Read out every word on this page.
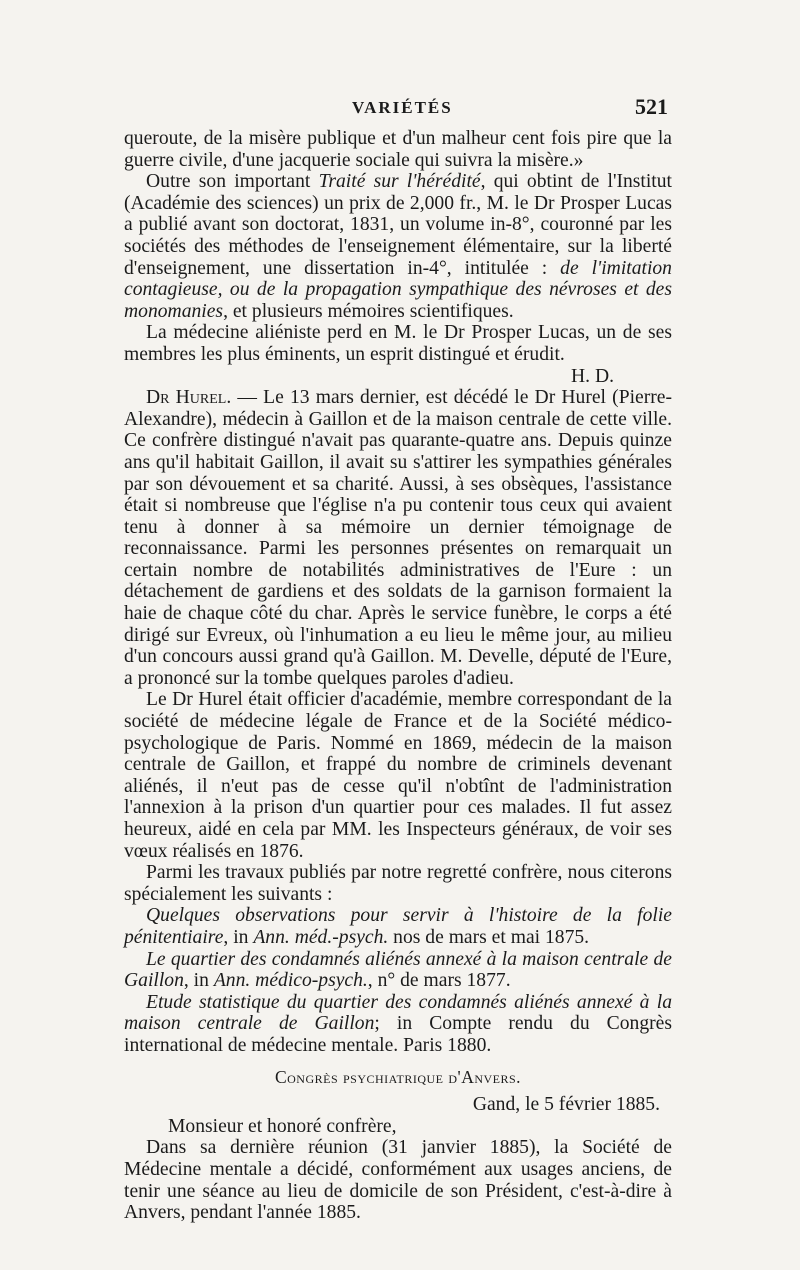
VARIÉTÉS	521

queroute, de la misère publique et d'un malheur cent fois pire que la guerre civile, d'une jacquerie sociale qui suivra la misère.»

Outre son important Traité sur l'hérédité, qui obtint de l'Institut (Académie des sciences) un prix de 2,000 fr., M. le Dr Prosper Lucas a publié avant son doctorat, 1831, un volume in-8°, couronné par les sociétés des méthodes de l'enseignement élémentaire, sur la liberté d'enseignement, une dissertation in-4°, intitulée : de l'imitation contagieuse, ou de la propagation sympathique des névroses et des monomanies, et plusieurs mémoires scientifiques.

La médecine aliéniste perd en M. le Dr Prosper Lucas, un de ses membres les plus éminents, un esprit distingué et érudit.

H. D.

Dr Hurel. — Le 13 mars dernier, est décédé le Dr Hurel (Pierre-Alexandre), médecin à Gaillon et de la maison centrale de cette ville. Ce confrère distingué n'avait pas quarante-quatre ans. Depuis quinze ans qu'il habitait Gaillon, il avait su s'attirer les sympathies générales par son dévouement et sa charité. Aussi, à ses obsèques, l'assistance était si nombreuse que l'église n'a pu contenir tous ceux qui avaient tenu à donner à sa mémoire un dernier témoignage de reconnaissance. Parmi les personnes présentes on remarquait un certain nombre de notabilités administratives de l'Eure : un détachement de gardiens et des soldats de la garnison formaient la haie de chaque côté du char. Après le service funèbre, le corps a été dirigé sur Evreux, où l'inhumation a eu lieu le même jour, au milieu d'un concours aussi grand qu'à Gaillon. M. Develle, député de l'Eure, a prononcé sur la tombe quelques paroles d'adieu.

Le Dr Hurel était officier d'académie, membre correspondant de la société de médecine légale de France et de la Société médico-psychologique de Paris. Nommé en 1869, médecin de la maison centrale de Gaillon, et frappé du nombre de criminels devenant aliénés, il n'eut pas de cesse qu'il n'obtînt de l'administration l'annexion à la prison d'un quartier pour ces malades. Il fut assez heureux, aidé en cela par MM. les Inspecteurs généraux, de voir ses vœux réalisés en 1876.

Parmi les travaux publiés par notre regretté confrère, nous citerons spécialement les suivants :

Quelques observations pour servir à l'histoire de la folie pénitentiaire, in Ann. méd.-psych. nos de mars et mai 1875.

Le quartier des condamnés aliénés annexé à la maison centrale de Gaillon, in Ann. médico-psych., n° de mars 1877.

Etude statistique du quartier des condamnés aliénés annexé à la maison centrale de Gaillon; in Compte rendu du Congrès international de médecine mentale. Paris 1880.

Congrès psychiatrique d'Anvers.

Gand, le 5 février 1885.

Monsieur et honoré confrère,

Dans sa dernière réunion (31 janvier 1885), la Société de Médecine mentale a décidé, conformément aux usages anciens, de tenir une séance au lieu de domicile de son Président, c'est-à-dire à Anvers, pendant l'année 1885.
